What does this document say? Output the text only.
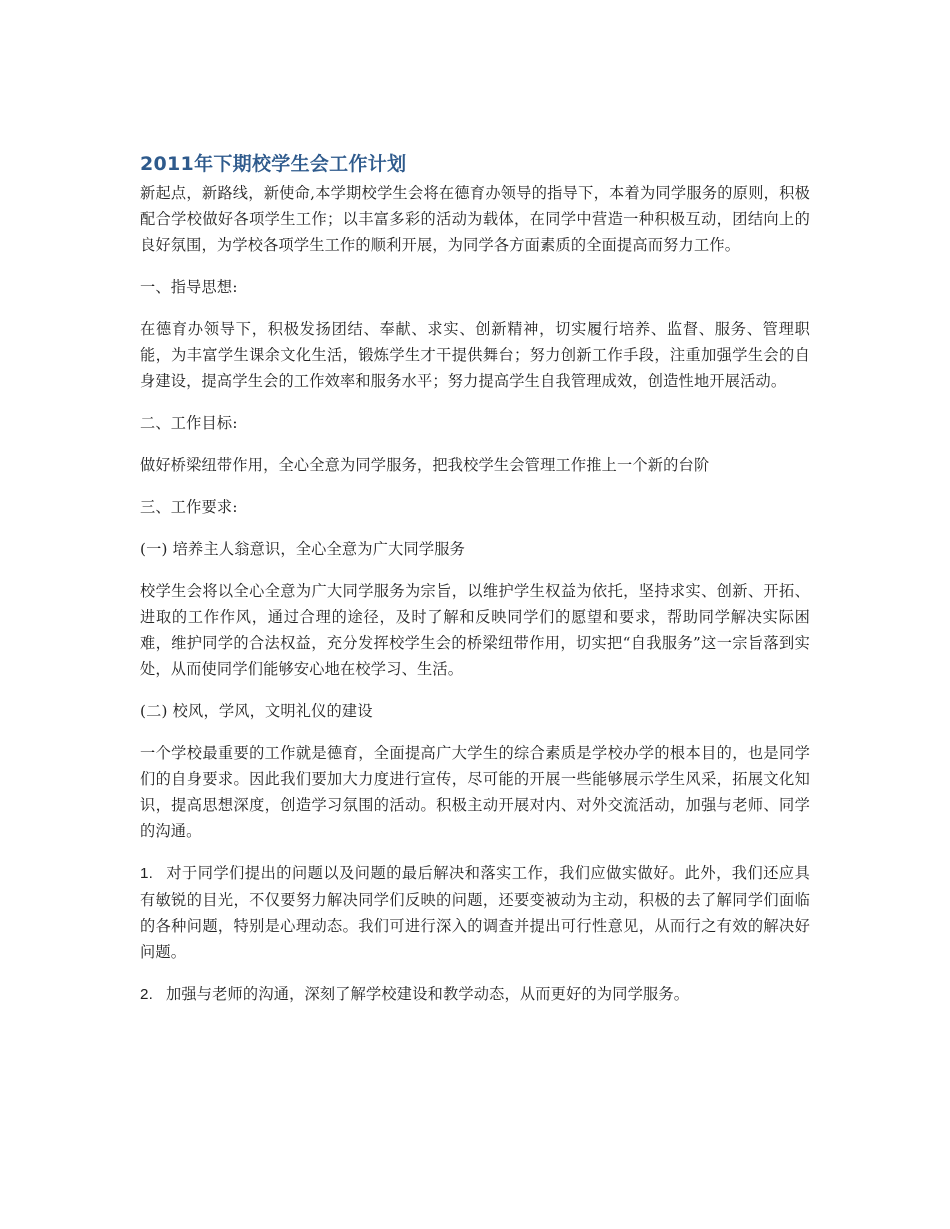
2011年下期校学生会工作计划

新起点，新路线，新使命,本学期校学生会将在德育办领导的指导下，本着为同学服务的原则，积极配合学校做好各项学生工作；以丰富多彩的活动为载体，在同学中营造一种积极互动，团结向上的良好氛围，为学校各项学生工作的顺利开展，为同学各方面素质的全面提高而努力工作。

一、指导思想:

在德育办领导下，积极发扬团结、奉献、求实、创新精神，切实履行培养、监督、服务、管理职能，为丰富学生课余文化生活，锻炼学生才干提供舞台；努力创新工作手段，注重加强学生会的自身建设，提高学生会的工作效率和服务水平；努力提高学生自我管理成效，创造性地开展活动。

二、工作目标:

做好桥梁纽带作用，全心全意为同学服务，把我校学生会管理工作推上一个新的台阶

三、工作要求:

(一) 培养主人翁意识，全心全意为广大同学服务

校学生会将以全心全意为广大同学服务为宗旨，以维护学生权益为依托，坚持求实、创新、开拓、进取的工作作风，通过合理的途径，及时了解和反映同学们的愿望和要求，帮助同学解决实际困难，维护同学的合法权益，充分发挥校学生会的桥梁纽带作用，切实把“自我服务”这一宗旨落到实处，从而使同学们能够安心地在校学习、生活。

(二) 校风，学风，文明礼仪的建设

一个学校最重要的工作就是德育，全面提高广大学生的综合素质是学校办学的根本目的，也是同学们的自身要求。因此我们要加大力度进行宣传，尽可能的开展一些能够展示学生风采，拓展文化知识，提高思想深度，创造学习氛围的活动。积极主动开展对内、对外交流活动，加强与老师、同学的沟通。

1. 对于同学们提出的问题以及问题的最后解决和落实工作，我们应做实做好。此外，我们还应具有敏锐的目光，不仅要努力解决同学们反映的问题，还要变被动为主动，积极的去了解同学们面临的各种问题，特别是心理动态。我们可进行深入的调查并提出可行性意见，从而行之有效的解决好问题。

2. 加强与老师的沟通，深刻了解学校建设和教学动态，从而更好的为同学服务。
